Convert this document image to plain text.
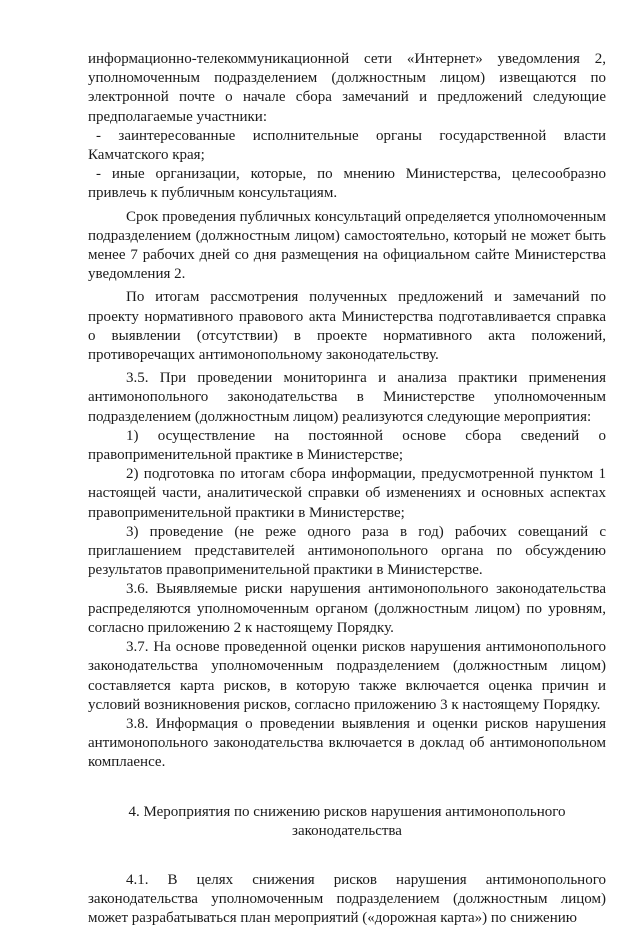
информационно-телекоммуникационной сети «Интернет» уведомления 2, уполномоченным подразделением (должностным лицом) извещаются по электронной почте о начале сбора замечаний и предложений следующие предполагаемые участники:

- заинтересованные исполнительные органы государственной власти Камчатского края;

- иные организации, которые, по мнению Министерства, целесообразно привлечь к публичным консультациям.

Срок проведения публичных консультаций определяется уполномоченным подразделением (должностным лицом) самостоятельно, который не может быть менее 7 рабочих дней со дня размещения на официальном сайте Министерства уведомления 2.

По итогам рассмотрения полученных предложений и замечаний по проекту нормативного правового акта Министерства подготавливается справка о выявлении (отсутствии) в проекте нормативного акта положений, противоречащих антимонопольному законодательству.

3.5. При проведении мониторинга и анализа практики применения антимонопольного законодательства в Министерстве уполномоченным подразделением (должностным лицом) реализуются следующие мероприятия:

1) осуществление на постоянной основе сбора сведений о правоприменительной практике в Министерстве;

2) подготовка по итогам сбора информации, предусмотренной пунктом 1 настоящей части, аналитической справки об изменениях и основных аспектах правоприменительной практики в Министерстве;

3) проведение (не реже одного раза в год) рабочих совещаний с приглашением представителей антимонопольного органа по обсуждению результатов правоприменительной практики в Министерстве.

3.6. Выявляемые риски нарушения антимонопольного законодательства распределяются уполномоченным органом (должностным лицом) по уровням, согласно приложению 2 к настоящему Порядку.

3.7. На основе проведенной оценки рисков нарушения антимонопольного законодательства уполномоченным подразделением (должностным лицом) составляется карта рисков, в которую также включается оценка причин и условий возникновения рисков, согласно приложению 3 к настоящему Порядку.

3.8. Информация о проведении выявления и оценки рисков нарушения антимонопольного законодательства включается в доклад об антимонопольном комплаенсе.

4. Мероприятия по снижению рисков нарушения антимонопольного
законодательства

4.1. В целях снижения рисков нарушения антимонопольного законодательства уполномоченным подразделением (должностным лицом) может разрабатываться план мероприятий («дорожная карта») по снижению
